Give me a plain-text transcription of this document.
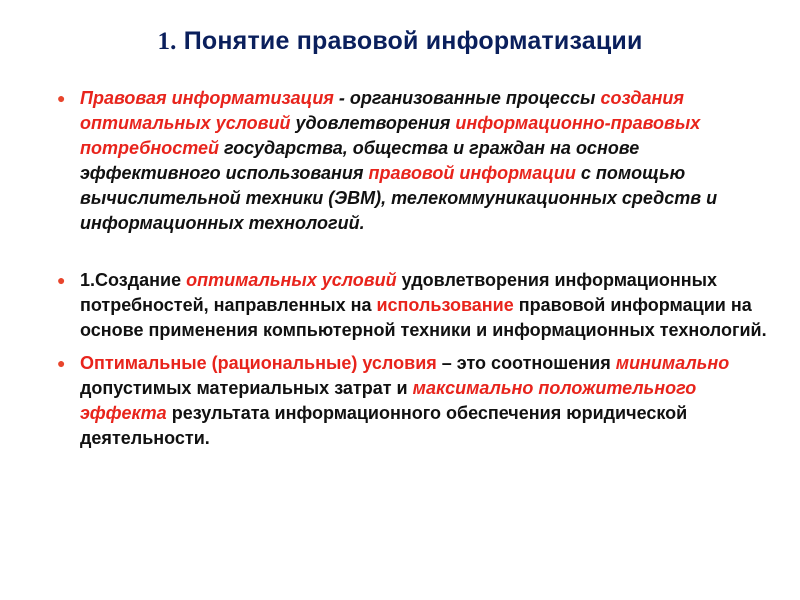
1. Понятие правовой информатизации
● Правовая информатизация - организованные процессы создания оптимальных условий удовлетворения информационно-правовых потребностей государства, общества и граждан на основе эффективного использования правовой информации с помощью вычислительной техники (ЭВМ), телекоммуникационных средств и информационных технологий.
● 1.Создание оптимальных условий удовлетворения информационных потребностей, направленных на использование правовой информации на основе применения компьютерной техники и информационных технологий.
● Оптимальные (рациональные) условия – это соотношения минимально допустимых материальных затрат и максимально положительного эффекта результата информационного обеспечения юридической деятельности.
